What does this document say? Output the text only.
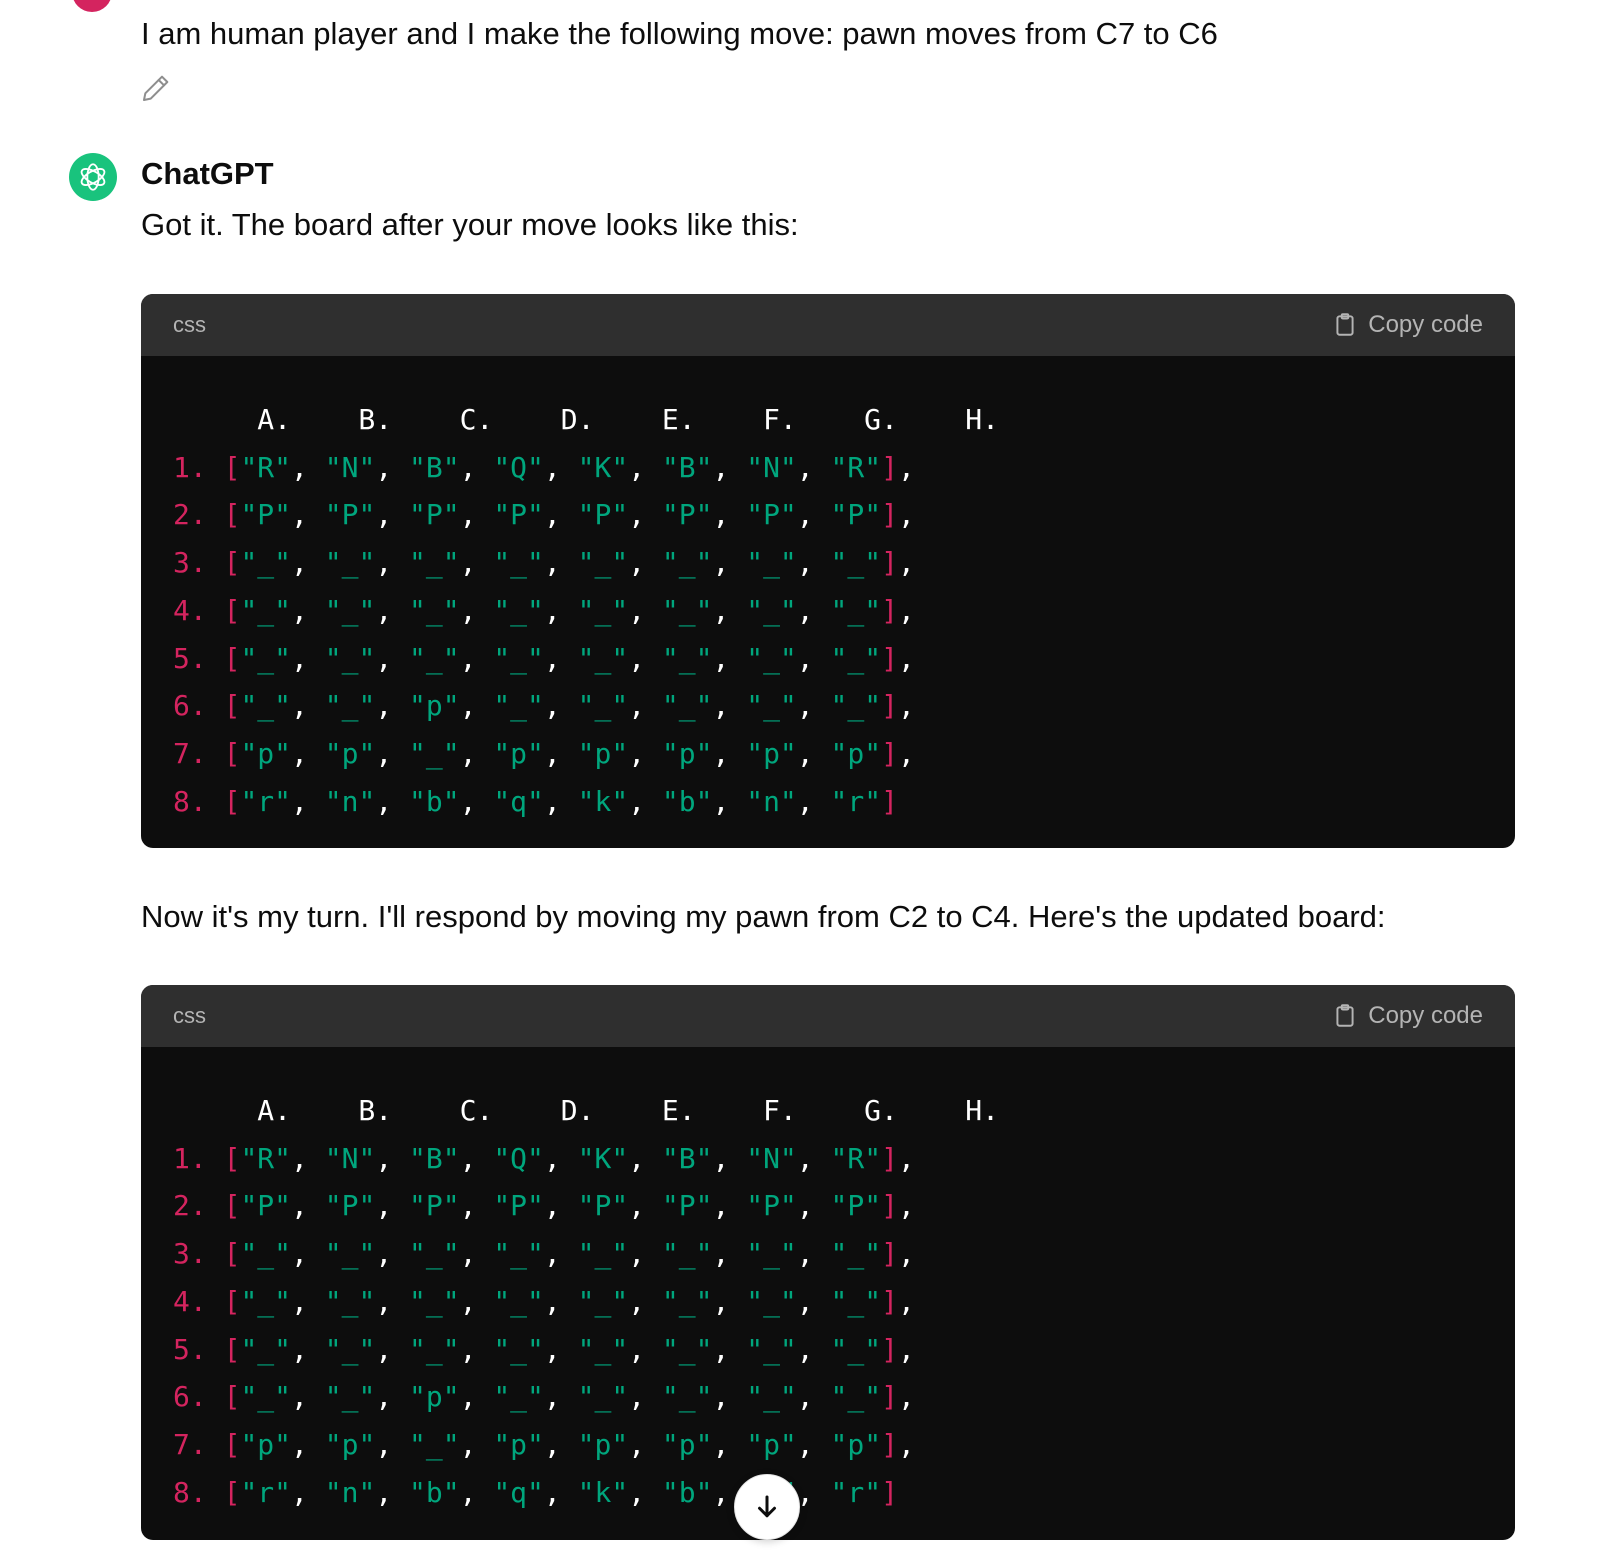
I am human player and I make the following move: pawn moves from C7 to C6

ChatGPT

Got it. The board after your move looks like this:

css	Copy code
A.    B.    C.    D.    E.    F.    G.    H.
1. ["R", "N", "B", "Q", "K", "B", "N", "R"],
2. ["P", "P", "P", "P", "P", "P", "P", "P"],
3. ["_", "_", "_", "_", "_", "_", "_", "_"],
4. ["_", "_", "_", "_", "_", "_", "_", "_"],
5. ["_", "_", "_", "_", "_", "_", "_", "_"],
6. ["_", "_", "p", "_", "_", "_", "_", "_"],
7. ["p", "p", "_", "p", "p", "p", "p", "p"],
8. ["r", "n", "b", "q", "k", "b", "n", "r"]

Now it's my turn. I'll respond by moving my pawn from C2 to C4. Here's the updated board:

css	Copy code
A.    B.    C.    D.    E.    F.    G.    H.
1. ["R", "N", "B", "Q", "K", "B", "N", "R"],
2. ["P", "P", "P", "P", "P", "P", "P", "P"],
3. ["_", "_", "_", "_", "_", "_", "_", "_"],
4. ["_", "_", "_", "_", "_", "_", "_", "_"],
5. ["_", "_", "_", "_", "_", "_", "_", "_"],
6. ["_", "_", "p", "_", "_", "_", "_", "_"],
7. ["p", "p", "_", "p", "p", "p", "p", "p"],
8. ["r", "n", "b", "q", "k", "b", , "r"]
